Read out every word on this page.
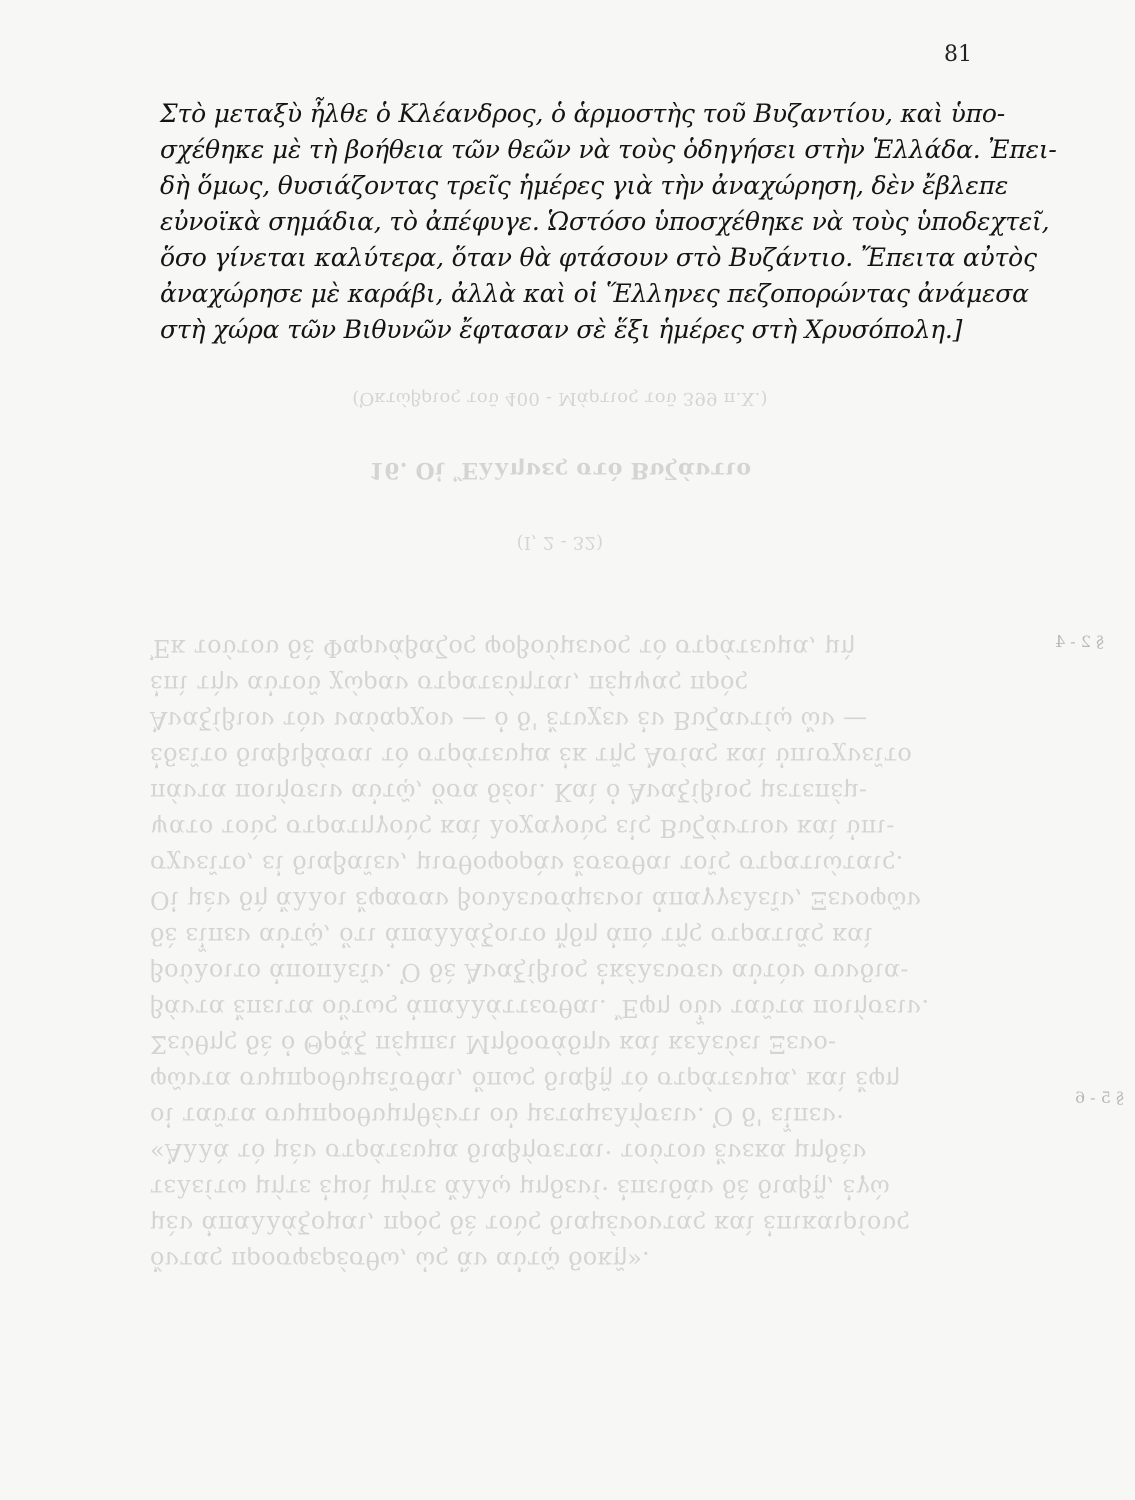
(Ι, 2 - 32)
16. Οἱ Ἕλληνες στὸ Βυζάντιο
(Ὀκτώβριος τοῦ 400 - Μάρτιος τοῦ 399 π.Χ.)
ὄντας προσφερέσθω, ὡς ἂν αὐτῷ δοκῇ».
μὲν ἀπαλλάξομαι, πρὸς δὲ τοὺς διαμένοντας καὶ ἐπικαιρίους
τελείτω μήτε ἐμοὶ μήτε ἄλλῳ μηδενί· ἐπειδὰν δὲ διαβῇ, ἐγὼ
«Ἀλλὰ τὸ μὲν στράτευμα διαβήσεται· τούτου ἕνεκα μηδὲν
οἱ ταῦτα συμπροθυμηθέντι οὐ μεταμελήσειν. Ὁ δ' εἶπεν·
φῶντα συμπροθυμεῖσθαι, ὅπως διαβῇ τὸ στράτευμα, καὶ ἔφη
Σεύθης δὲ ὁ Θρᾷξ πέμπει Μηδοσάδην καὶ κελεύει Ξενο-
βάντα ἔπειτα οὕτως ἀπαλλάττεσθαι. Ἔφη οὖν ταῦτα ποιήσειν.
βούλοιτο ἀποπλεῖν. Ὁ δὲ Ἀναξίβιος ἐκέλευσεν αὐτὸν συνδια-
δὲ εἶπεν αὐτῷ, ὅτι ἀπαλλάξοιτο ἤδη ἀπὸ τῆς στρατιᾶς καὶ
Οἱ μὲν δὴ ἄλλοι ἔφασαν βουλευσάμενοι ἀπαγγελεῖν, Ξενοφῶν
σχνεῖτο, εἰ διαβαῖεν, μισθοφορὰν ἔσεσθαι τοῖς στρατιώταις.
ψατο τοὺς στρατηγοὺς καὶ λοχαγοὺς εἰς Βυζάντιον καὶ ὑπι-
πάντα ποιήσειν αὐτῷ, ὅσα δέοι. Καὶ ὁ Ἀναξίβιος μετεπέμ-
ἐδεῖτο διαβιβάσαι τὸ στράτευμα ἐκ τῆς Ἀσίας καὶ ὑπισχνεῖτο
Ἀναξίβιον τὸν ναύαρχον — ὁ δ' ἔτυχεν ἐν Βυζαντίῳ ὤν —
ἐπὶ τὴν αὐτοῦ χώραν στρατεύηται, πέμψας πρὸς
Ἐκ τούτου δὲ Φαρνάβαζος φοβούμενος τὸ στράτευμα, μὴ	§ 2 - 4
§ 5 - 6
81
Στὸ μεταξὺ ἦλθε ὁ Κλέανδρος, ὁ ἁρμοστὴς τοῦ Βυζαντίου, καὶ ὑπο-
σχέθηκε μὲ τὴ βοήθεια τῶν θεῶν νὰ τοὺς ὁδηγήσει στὴν Ἑλλάδα. Ἐπει-
δὴ ὅμως, θυσιάζοντας τρεῖς ἡμέρες γιὰ τὴν ἀναχώρηση, δὲν ἔβλεπε
εὐνοϊκὰ σημάδια, τὸ ἀπέφυγε. Ὡστόσο ὑποσχέθηκε νὰ τοὺς ὑποδεχτεῖ,
ὅσο γίνεται καλύτερα, ὅταν θὰ φτάσουν στὸ Βυζάντιο. Ἔπειτα αὐτὸς
ἀναχώρησε μὲ καράβι, ἀλλὰ καὶ οἱ Ἕλληνες πεζοπορώντας ἀνάμεσα
στὴ χώρα τῶν Βιθυνῶν ἔφτασαν σὲ ἕξι ἡμέρες στὴ Χρυσόπολη.]
